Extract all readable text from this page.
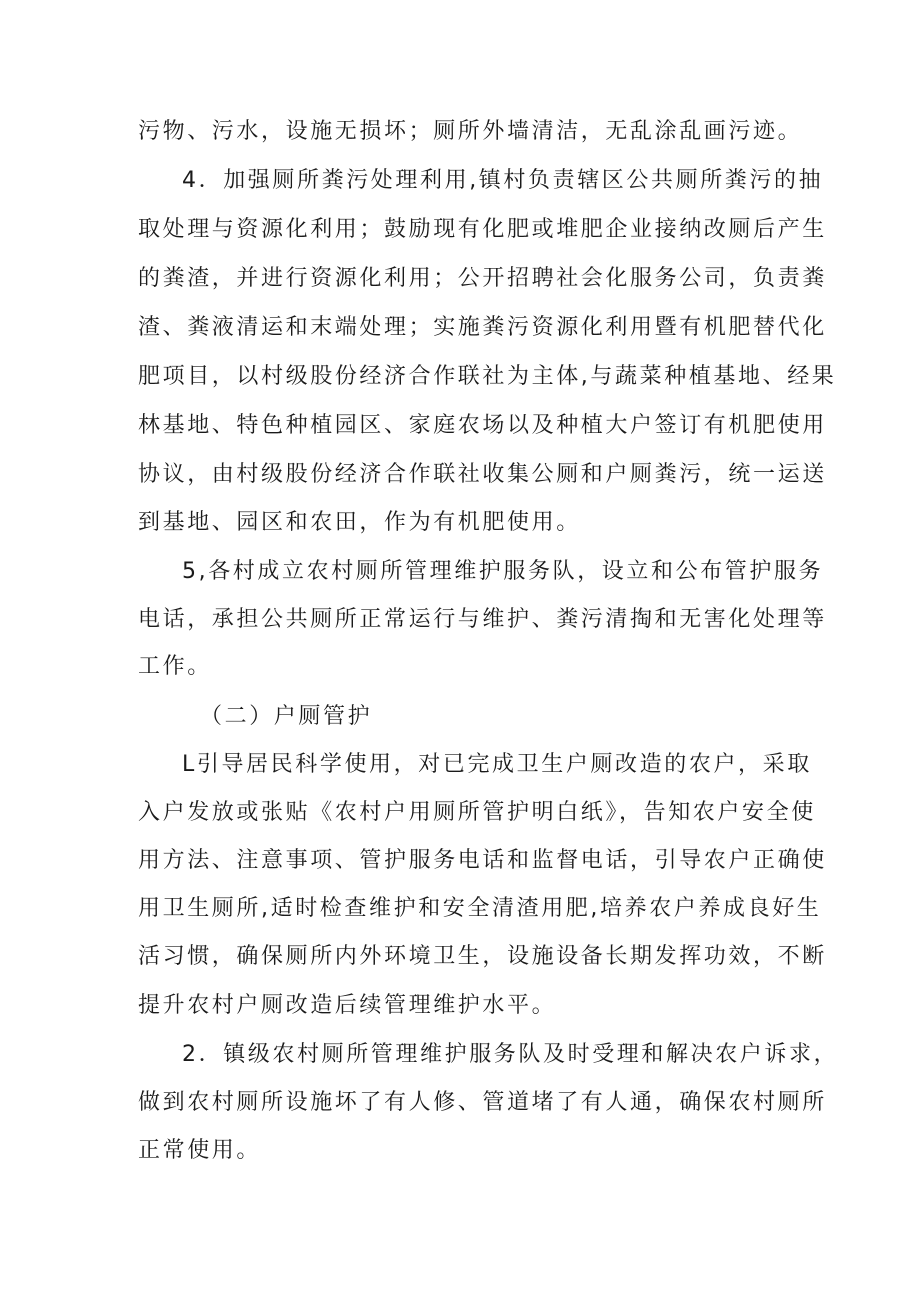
污物、污水，设施无损坏；厕所外墙清洁，无乱涂乱画污迹。
4．加强厕所粪污处理利用,镇村负责辖区公共厕所粪污的抽
取处理与资源化利用；鼓励现有化肥或堆肥企业接纳改厕后产生
的粪渣，并进行资源化利用；公开招聘社会化服务公司，负责粪
渣、粪液清运和末端处理；实施粪污资源化利用暨有机肥替代化
肥项目，以村级股份经济合作联社为主体,与蔬菜种植基地、经果
林基地、特色种植园区、家庭农场以及种植大户签订有机肥使用
协议，由村级股份经济合作联社收集公厕和户厕粪污，统一运送
到基地、园区和农田，作为有机肥使用。
5,各村成立农村厕所管理维护服务队，设立和公布管护服务
电话，承担公共厕所正常运行与维护、粪污清掏和无害化处理等
工作。
（二）户厕管护
L引导居民科学使用，对已完成卫生户厕改造的农户，采取
入户发放或张贴《农村户用厕所管护明白纸》，告知农户安全使
用方法、注意事项、管护服务电话和监督电话，引导农户正确使
用卫生厕所,适时检查维护和安全清渣用肥,培养农户养成良好生
活习惯，确保厕所内外环境卫生，设施设备长期发挥功效，不断
提升农村户厕改造后续管理维护水平。
2．镇级农村厕所管理维护服务队及时受理和解决农户诉求，
做到农村厕所设施坏了有人修、管道堵了有人通，确保农村厕所
正常使用。
